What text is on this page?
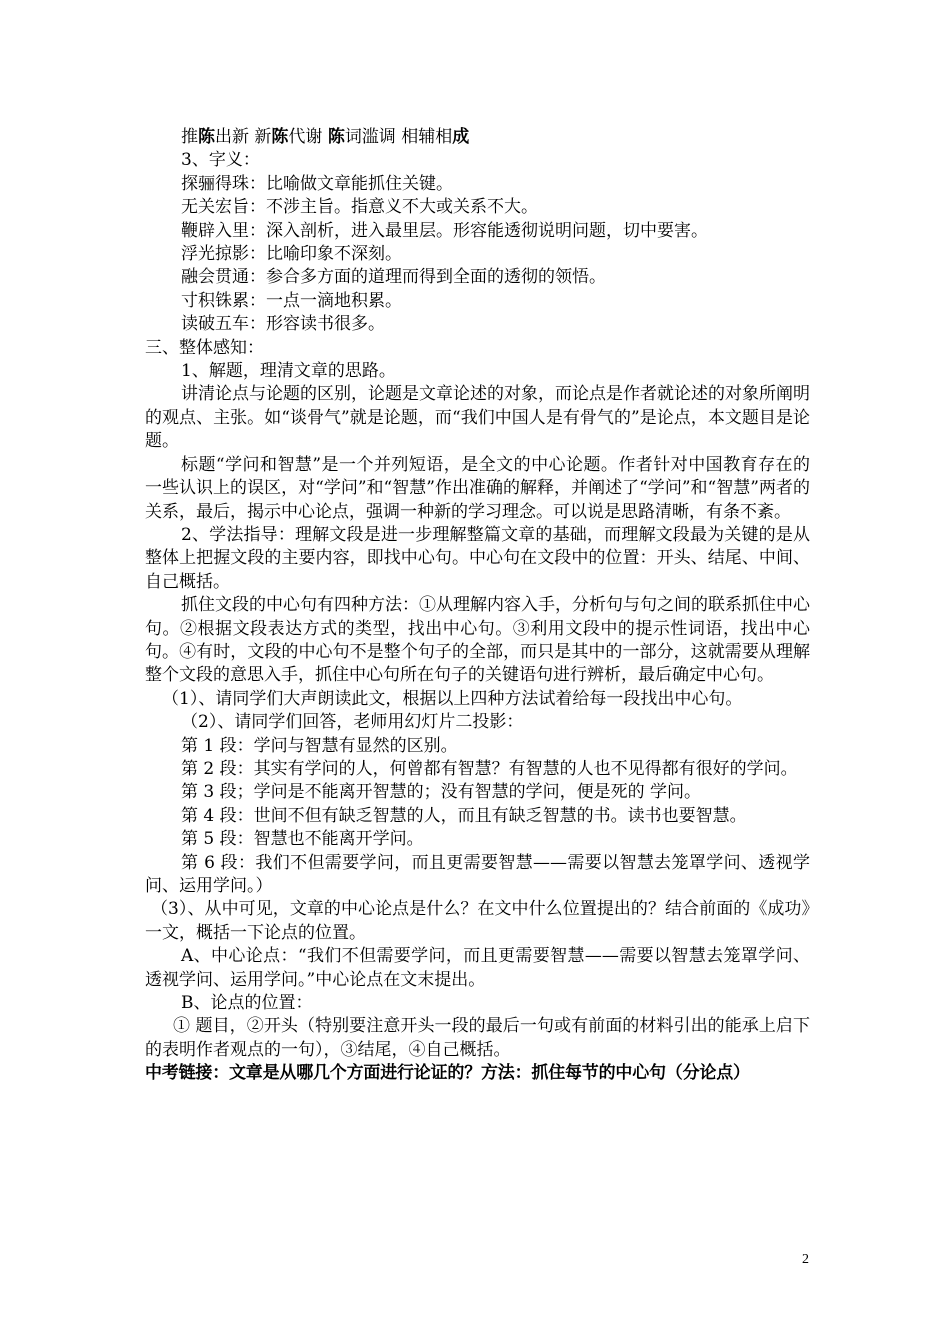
推陈出新 新陈代谢 陈词滥调 相辅相成

3、字义：

探骊得珠：比喻做文章能抓住关键。

无关宏旨：不涉主旨。指意义不大或关系不大。

鞭辟入里：深入剖析，进入最里层。形容能透彻说明问题，切中要害。

浮光掠影：比喻印象不深刻。

融会贯通：参合多方面的道理而得到全面的透彻的领悟。

寸积铢累：一点一滴地积累。

读破五车：形容读书很多。

三、整体感知：

1、解题，理清文章的思路。

讲清论点与论题的区别，论题是文章论述的对象，而论点是作者就论述的对象所阐明的观点、主张。如“谈骨气”就是论题，而“我们中国人是有骨气的”是论点，本文题目是论题。

标题“学问和智慧”是一个并列短语，是全文的中心论题。作者针对中国教育存在的一些认识上的误区，对“学问”和“智慧”作出准确的解释，并阐述了“学问”和“智慧”两者的关系，最后，揭示中心论点，强调一种新的学习理念。可以说是思路清晰，有条不紊。

2、学法指导：理解文段是进一步理解整篇文章的基础，而理解文段最为关键的是从整体上把握文段的主要内容，即找中心句。中心句在文段中的位置：开头、结尾、中间、自己概括。

抓住文段的中心句有四种方法：①从理解内容入手，分析句与句之间的联系抓住中心句。②根据文段表达方式的类型，找出中心句。③利用文段中的提示性词语，找出中心句。④有时，文段的中心句不是整个句子的全部，而只是其中的一部分，这就需要从理解整个文段的意思入手，抓住中心句所在句子的关键语句进行辨析，最后确定中心句。

（1）、请同学们大声朗读此文，根据以上四种方法试着给每一段找出中心句。

（2）、请同学们回答，老师用幻灯片二投影：

第 1 段：学问与智慧有显然的区别。

第 2 段：其实有学问的人，何曾都有智慧？有智慧的人也不见得都有很好的学问。

第 3 段；学问是不能离开智慧的；没有智慧的学问，便是死的 学问。

第 4 段：世间不但有缺乏智慧的人，而且有缺乏智慧的书。读书也要智慧。

第 5 段：智慧也不能离开学问。

第 6 段：我们不但需要学问，而且更需要智慧——需要以智慧去笼罩学问、透视学问、运用学问。）

（3）、从中可见，文章的中心论点是什么？在文中什么位置提出的？结合前面的《成功》一文，概括一下论点的位置。

A、中心论点：“我们不但需要学问，而且更需要智慧——需要以智慧去笼罩学问、透视学问、运用学问。”中心论点在文末提出。

B、论点的位置：

① 题目，②开头（特别要注意开头一段的最后一句或有前面的材料引出的能承上启下的表明作者观点的一句），③结尾，④自己概括。

中考链接：文章是从哪几个方面进行论证的？方法：抓住每节的中心句（分论点）

2
